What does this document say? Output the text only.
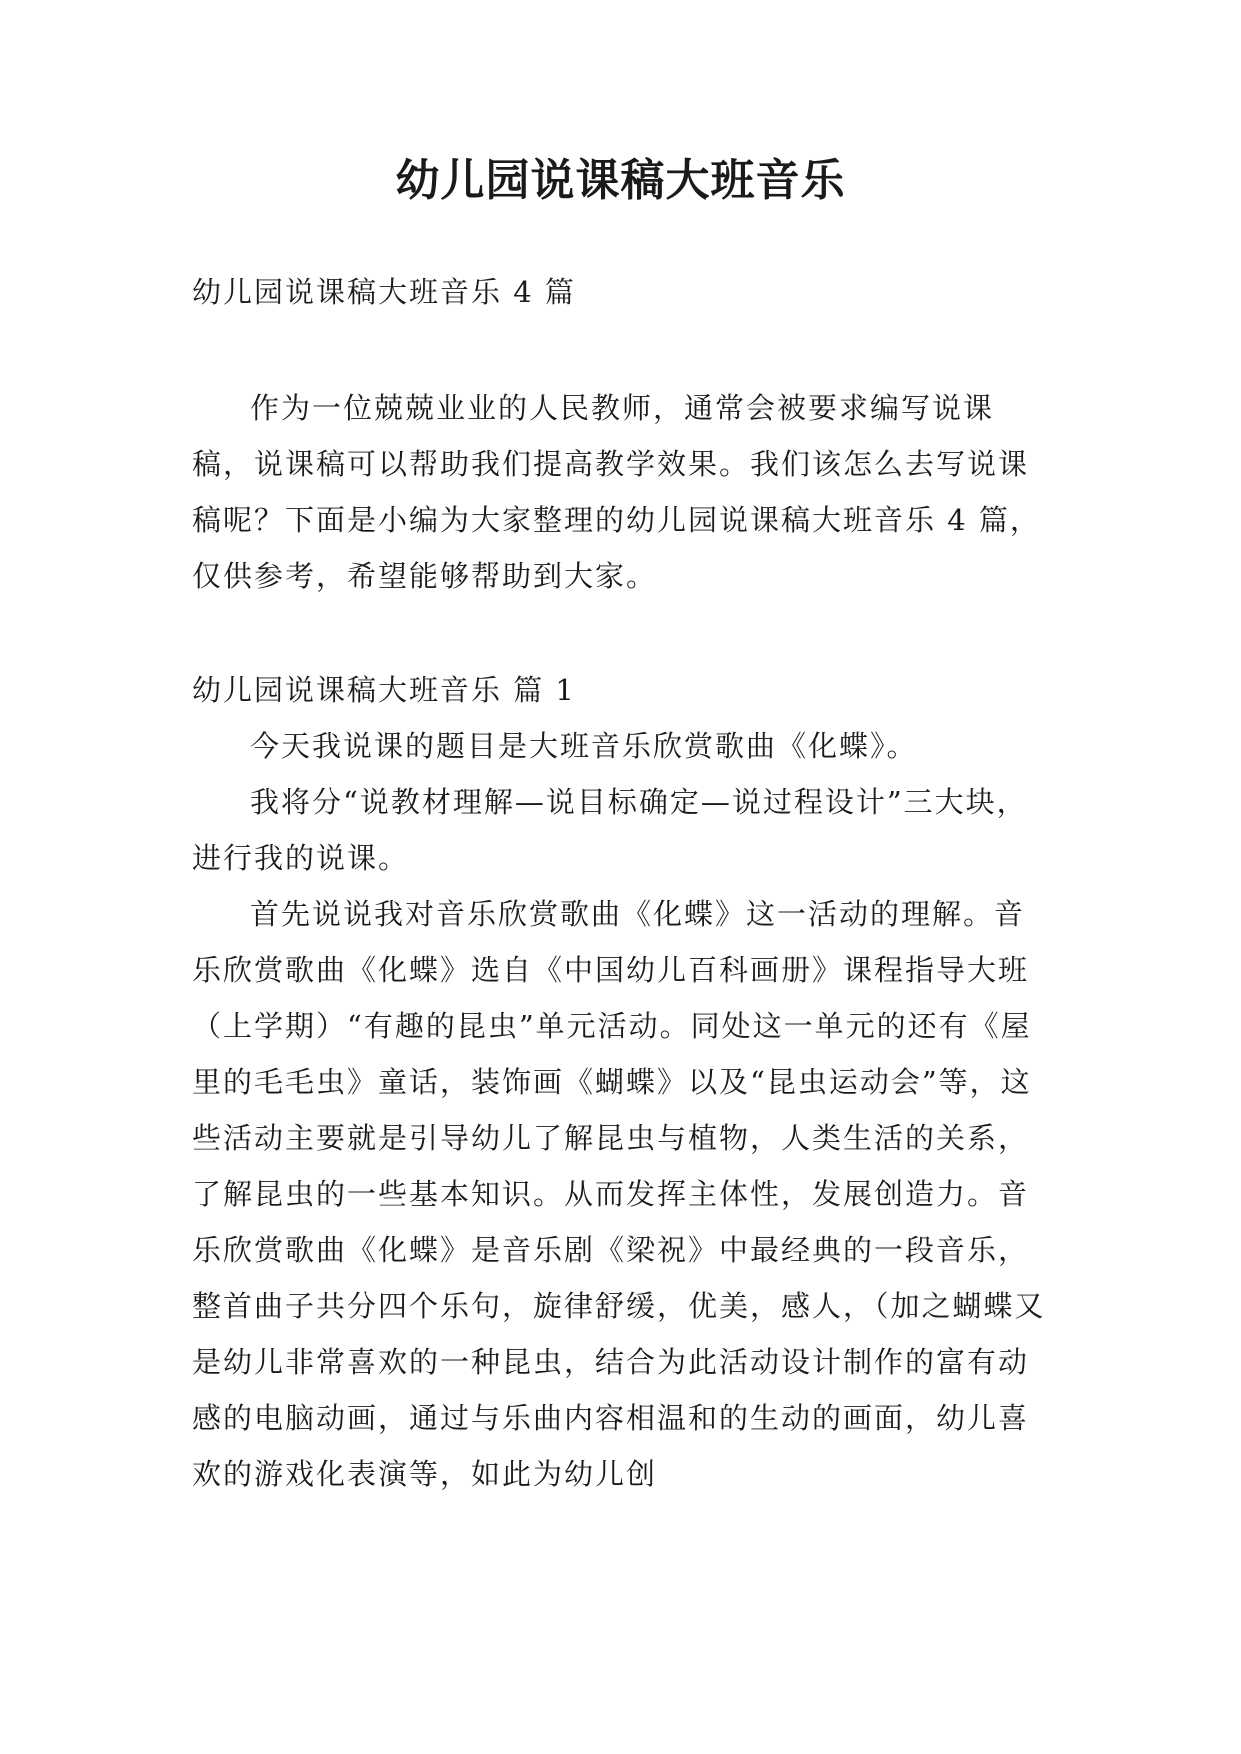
幼儿园说课稿大班音乐

幼儿园说课稿大班音乐 4 篇

作为一位兢兢业业的人民教师，通常会被要求编写说课稿，说课稿可以帮助我们提高教学效果。我们该怎么去写说课稿呢？下面是小编为大家整理的幼儿园说课稿大班音乐 4 篇，仅供参考，希望能够帮助到大家。

幼儿园说课稿大班音乐 篇 1

今天我说课的题目是大班音乐欣赏歌曲《化蝶》。

我将分“说教材理解—说目标确定—说过程设计”三大块，进行我的说课。

首先说说我对音乐欣赏歌曲《化蝶》这一活动的理解。音乐欣赏歌曲《化蝶》选自《中国幼儿百科画册》课程指导大班（上学期）“有趣的昆虫”单元活动。同处这一单元的还有《屋里的毛毛虫》童话，装饰画《蝴蝶》以及“昆虫运动会”等，这些活动主要就是引导幼儿了解昆虫与植物，人类生活的关系，了解昆虫的一些基本知识。从而发挥主体性，发展创造力。音乐欣赏歌曲《化蝶》是音乐剧《梁祝》中最经典的一段音乐，整首曲子共分四个乐句，旋律舒缓，优美，感人，（加之蝴蝶又是幼儿非常喜欢的一种昆虫，结合为此活动设计制作的富有动感的电脑动画，通过与乐曲内容相温和的生动的画面，幼儿喜欢的游戏化表演等，如此为幼儿创
